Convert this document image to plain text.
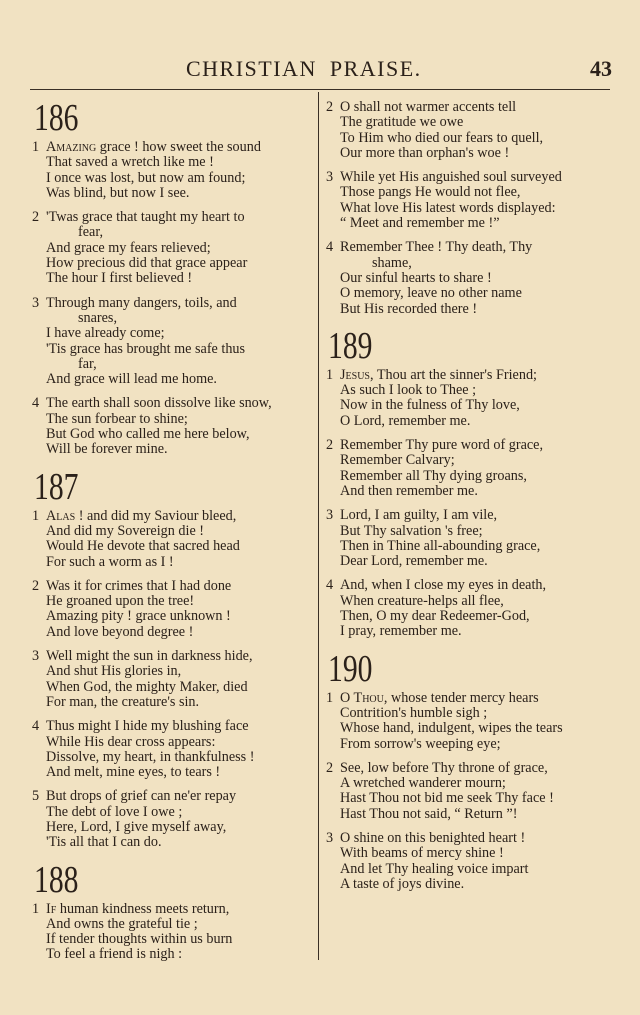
CHRISTIAN PRAISE.	43
186
1 Amazing grace ! how sweet the sound
That saved a wretch like me !
I once was lost, but now am found;
Was blind, but now I see.
2 'Twas grace that taught my heart to
fear,
And grace my fears relieved;
How precious did that grace appear
The hour I first believed !
3 Through many dangers, toils, and
snares,
I have already come;
'Tis grace has brought me safe thus
far,
And grace will lead me home.
4 The earth shall soon dissolve like snow,
The sun forbear to shine;
But God who called me here below,
Will be forever mine.
187
1 Alas ! and did my Saviour bleed,
And did my Sovereign die !
Would He devote that sacred head
For such a worm as I !
2 Was it for crimes that I had done
He groaned upon the tree!
Amazing pity ! grace unknown !
And love beyond degree !
3 Well might the sun in darkness hide,
And shut His glories in,
When God, the mighty Maker, died
For man, the creature's sin.
4 Thus might I hide my blushing face
While His dear cross appears:
Dissolve, my heart, in thankfulness !
And melt, mine eyes, to tears !
5 But drops of grief can ne'er repay
The debt of love I owe ;
Here, Lord, I give myself away,
'Tis all that I can do.
188
1 If human kindness meets return,
And owns the grateful tie ;
If tender thoughts within us burn
To feel a friend is nigh :
2 O shall not warmer accents tell
The gratitude we owe
To Him who died our fears to quell,
Our more than orphan's woe !
3 While yet His anguished soul surveyed
Those pangs He would not flee,
What love His latest words displayed:
“ Meet and remember me !”
4 Remember Thee ! Thy death, Thy
shame,
Our sinful hearts to share !
O memory, leave no other name
But His recorded there !
189
1 Jesus, Thou art the sinner's Friend;
As such I look to Thee ;
Now in the fulness of Thy love,
O Lord, remember me.
2 Remember Thy pure word of grace,
Remember Calvary;
Remember all Thy dying groans,
And then remember me.
3 Lord, I am guilty, I am vile,
But Thy salvation 's free;
Then in Thine all-abounding grace,
Dear Lord, remember me.
4 And, when I close my eyes in death,
When creature-helps all flee,
Then, O my dear Redeemer-God,
I pray, remember me.
190
1 O Thou, whose tender mercy hears
Contrition's humble sigh ;
Whose hand, indulgent, wipes the tears
From sorrow's weeping eye;
2 See, low before Thy throne of grace,
A wretched wanderer mourn;
Hast Thou not bid me seek Thy face !
Hast Thou not said, “ Return ”!
3 O shine on this benighted heart !
With beams of mercy shine !
And let Thy healing voice impart
A taste of joys divine.
